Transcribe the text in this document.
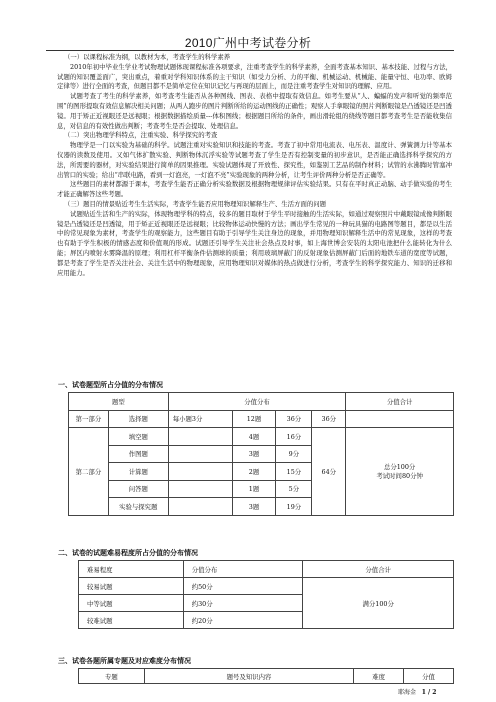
2010广州中考试卷分析

（一）以课程标准为纲，以教材为本，考查学生的科学素养

2010年初中毕业生学业考试物理试题体现课程标准各项要求，注重考查学生的科学素养，全面考查基本知识、基本技能、过程与方法，试题的知识覆盖面广，突出重点，着重对学科知识体系的主干知识（如受力分析、力的平衡、机械运动、机械能、能量守恒、电功率、欧姆定律等）进行全面的考查，但题目都不是简单定位在知识记忆与再现的层面上，而是注重考查学生对知识的理解、应用。

试题考查了考生的科学素养，如考查考生能否从各种图线、图表、表格中提取有效信息。如考生要从“人、蝙蝠的发声和听觉的频率范围”的图形提取有效信息解决相关问题；从两人跑步的图片判断所给的运动图线的正确性；观察人手拿眼镜的照片判断眼镜是凸透镜还是凹透镜。用于矫正近视眼还是远视眼；根据数据描绘质量---体积图线；根据题目所给的条件，画出滑轮组的绕线等题目都考查考生是否能收集信息，对信息的有效性做出判断；考查考生是否会提取、处理信息。

（二）突出物理学科特点，注重实验、科学探究的考查

物理学是一门以实验为基础的科学。试题注重对实验知识和技能的考查。考查了初中常用电流表、电压表、温度计、弹簧测力计等基本仪器的读数及使用。又如气体扩散实验、判断物体沉浮实验等试题考查了学生是否有控制变量的初步意识，是否能正确选择科学探究的方法，所需要的器材，对实验结果进行简单的因果推理。实验试题体现了开放性、探究性，如鉴别工艺品的制作材料；试管的水沸腾时管塞冲出管口的实验；给出“串联电路，看到一灯泡亮，一灯泡不亮”实验现象的两种分析，让考生评价两种分析是否正确等。

这些题目的素材都源于课本，考查学生能否正确分析实验数据及根据物理规律评估实验结果。只有在平时真正动脑、动手做实验的考生才能正确解答这些考题。

（三）题目的情景贴近考生生活实际，考查学生能否应用物理知识解释生产、生活方面的问题

试题贴近生活和生产的实际，体现物理学科的特点，较多的题目取材于学生平时接触的生活实际，如通过观察照片中戴眼镜成像判断眼镜是凸透镜还是凹透镜，用于矫正近视眼还是远视眼；比较物体运动快慢的方法；画出学生常见的一种玩具猫的电路图等题目，都是以生活中的常见现象为素材，考查学生的观察能力，这些题目有助于引导学生关注身边的现象，并用物理知识解释生活中的常见现象，这样的考查也有助于学生积极的情感态度和价值观的形成。试题还引导学生关注社会热点及时事，如上海世博会安装的太阳电池把什么能转化为什么能；屏区内喷射水雾降温的原理；利用杠杆平衡条件估测球的质量；利用玻璃屏蔽门的反射现象估测屏蔽门后面的地铁车道的宽度等试题，都是考查了学生是否关注社会、关注生活中的物理现象，应用物理知识对媒体的热点做进行分析，考查学生的科学探究能力、知识的迁移和应用能力。

一、试卷题型所占分值的分布情况
题型		分值分布				分值合计
第一部分	选择题	每小题3分	12题	36分	36分	
第二部分	填空题		4题	16分	64分	总分100分
考试时间80分钟

	作图题		3题	9分		
	计算题		2题	15分		
	问答题		1题	5分		
	实验与探究题		3题	19分		
二、试卷的试题难易程度所占分值的分布情况
难易程度	分值分布	分值合计
较易试题	约50分	满分100分
中等试题	约30分	
较难试题	约20分	
三、试卷各题所属专题及对应难度分布情况
专题	题号及知识内容	难度	分值
耶海金 1 / 2
